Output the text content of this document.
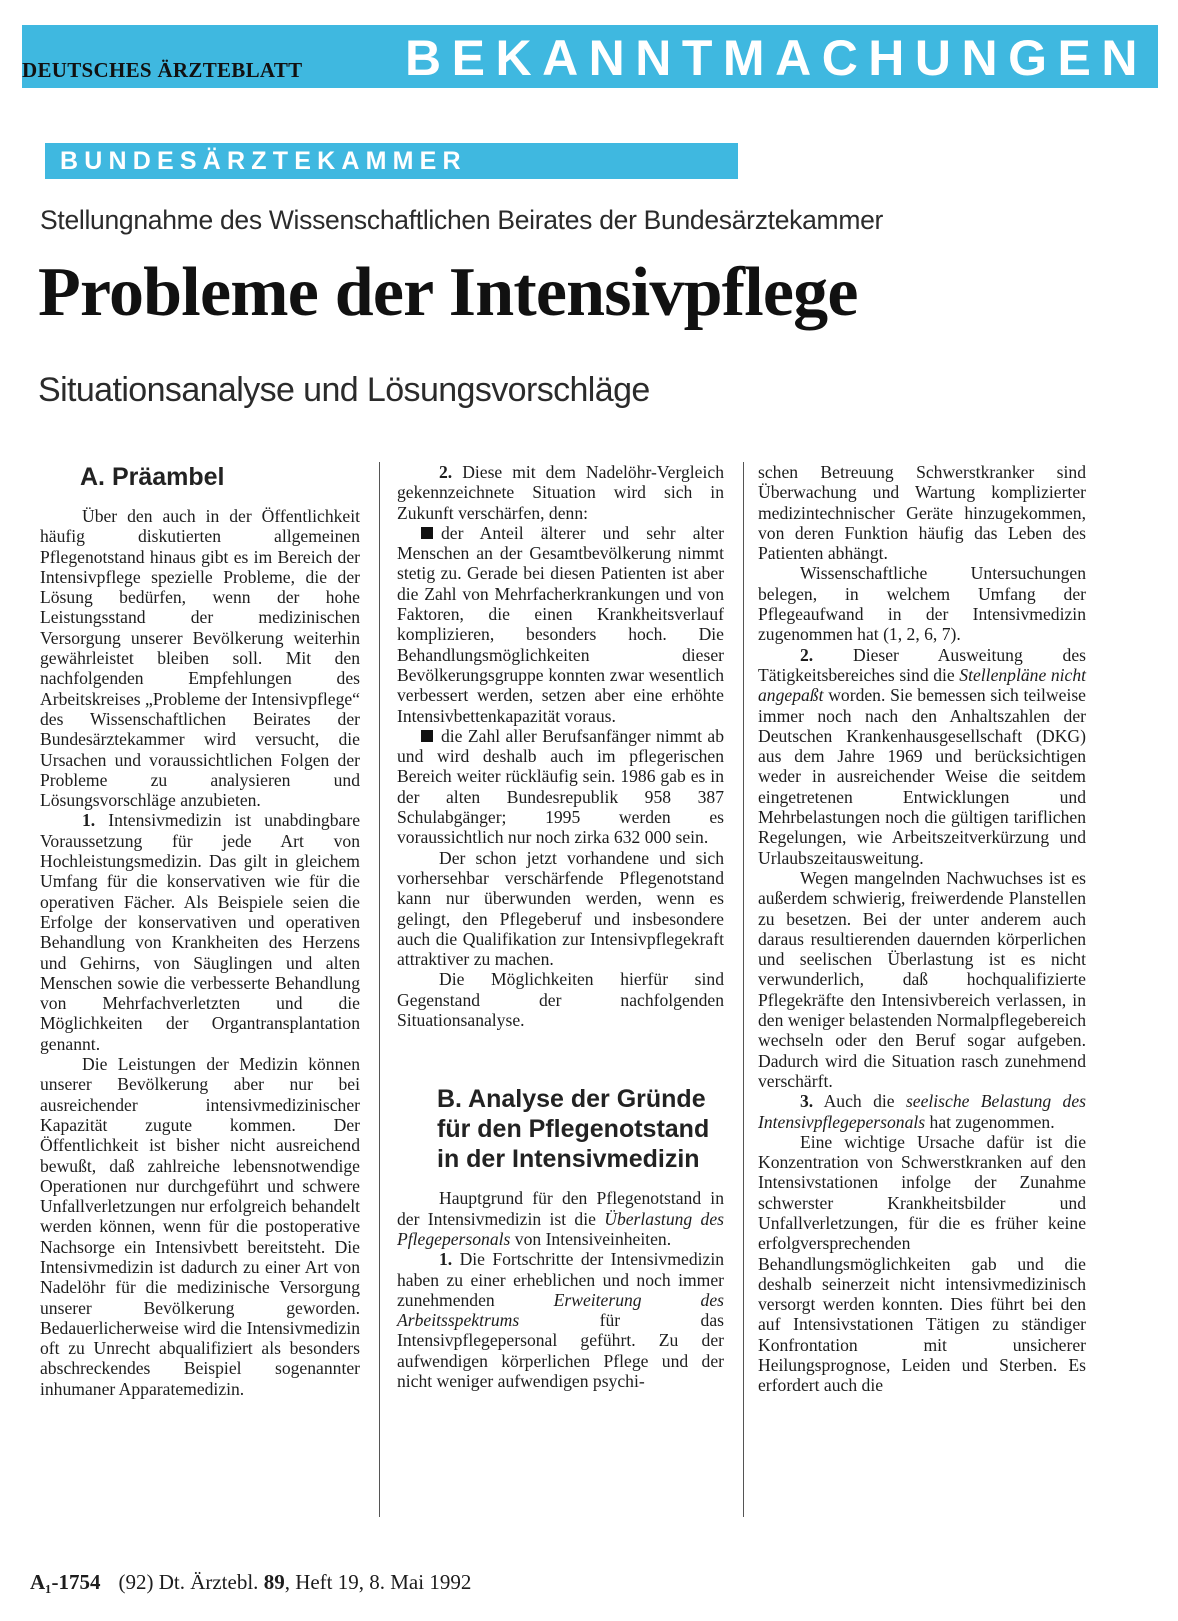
DEUTSCHES ÄRZTEBLATT BEKANNTMACHUNGEN
BUNDESÄRZTEKAMMER
Stellungnahme des Wissenschaftlichen Beirates der Bundesärztekammer
Probleme der Intensivpflege
Situationsanalyse und Lösungsvorschläge
A. Präambel

Über den auch in der Öffentlichkeit häufig diskutierten allgemeinen Pflegenotstand hinaus gibt es im Bereich der Intensivpflege spezielle Probleme, die der Lösung bedürfen, wenn der hohe Leistungsstand der medizinischen Versorgung unserer Bevölkerung weiterhin gewährleistet bleiben soll. Mit den nachfolgenden Empfehlungen des Arbeitskreises „Probleme der Intensivpflege“ des Wissenschaftlichen Beirates der Bundesärztekammer wird versucht, die Ursachen und voraussichtlichen Folgen der Probleme zu analysieren und Lösungsvorschläge anzubieten.

1. Intensivmedizin ist unabdingbare Voraussetzung für jede Art von Hochleistungsmedizin. Das gilt in gleichem Umfang für die konservativen wie für die operativen Fächer. Als Beispiele seien die Erfolge der konservativen und operativen Behandlung von Krankheiten des Herzens und Gehirns, von Säuglingen und alten Menschen sowie die verbesserte Behandlung von Mehrfachverletzten und die Möglichkeiten der Organtransplantation genannt.

Die Leistungen der Medizin können unserer Bevölkerung aber nur bei ausreichender intensivmedizinischer Kapazität zugute kommen. Der Öffentlichkeit ist bisher nicht ausreichend bewußt, daß zahlreiche lebensnotwendige Operationen nur durchgeführt und schwere Unfallverletzungen nur erfolgreich behandelt werden können, wenn für die postoperative Nachsorge ein Intensivbett bereitsteht. Die Intensivmedizin ist dadurch zu einer Art von Nadelöhr für die medizinische Versorgung unserer Bevölkerung geworden. Bedauerlicherweise wird die Intensivmedizin oft zu Unrecht abqualifiziert als besonders abschreckendes Beispiel sogenannter inhumaner Apparatemedizin.

2. Diese mit dem Nadelöhr-Vergleich gekennzeichnete Situation wird sich in Zukunft verschärfen, denn:

der Anteil älterer und sehr alter Menschen an der Gesamtbevölkerung nimmt stetig zu. Gerade bei diesen Patienten ist aber die Zahl von Mehrfacherkrankungen und von Faktoren, die einen Krankheitsverlauf komplizieren, besonders hoch. Die Behandlungsmöglichkeiten dieser Bevölkerungsgruppe konnten zwar wesentlich verbessert werden, setzen aber eine erhöhte Intensivbettenkapazität voraus.

die Zahl aller Berufsanfänger nimmt ab und wird deshalb auch im pflegerischen Bereich weiter rückläufig sein. 1986 gab es in der alten Bundesrepublik 958 387 Schulabgänger; 1995 werden es voraussichtlich nur noch zirka 632 000 sein.

Der schon jetzt vorhandene und sich vorhersehbar verschärfende Pflegenotstand kann nur überwunden werden, wenn es gelingt, den Pflegeberuf und insbesondere auch die Qualifikation zur Intensivpflegekraft attraktiver zu machen.

Die Möglichkeiten hierfür sind Gegenstand der nachfolgenden Situationsanalyse.

B. Analyse der Gründe für den Pflegenotstand in der Intensivmedizin

Hauptgrund für den Pflegenotstand in der Intensivmedizin ist die Überlastung des Pflegepersonals von Intensiveinheiten.

1. Die Fortschritte der Intensivmedizin haben zu einer erheblichen und noch immer zunehmenden	Erweiterung des Arbeitsspektrums	für das Intensivpflegepersonal geführt. Zu der aufwendigen körperlichen Pflege und der nicht weniger aufwendigen psychi-

schen Betreuung Schwerstkranker sind Überwachung und Wartung komplizierter medizintechnischer Geräte hinzugekommen, von deren Funktion häufig das Leben des Patienten abhängt.

Wissenschaftliche Untersuchungen belegen, in welchem Umfang der Pflegeaufwand in der Intensivmedizin zugenommen hat (1, 2, 6, 7).

2. Dieser Ausweitung des Tätigkeitsbereiches sind die Stellenpläne nicht angepaßt worden. Sie bemessen sich teilweise immer noch nach den Anhaltszahlen der Deutschen Krankenhausgesellschaft (DKG) aus dem Jahre 1969 und berücksichtigen weder in ausreichender Weise die seitdem eingetretenen Entwicklungen und Mehrbelastungen noch die gültigen tariflichen Regelungen, wie Arbeitszeitverkürzung und Urlaubszeitausweitung.

Wegen mangelnden Nachwuchses ist es außerdem schwierig, freiwerdende Planstellen zu besetzen. Bei der unter anderem auch daraus resultierenden dauernden körperlichen und seelischen Überlastung ist es nicht verwunderlich, daß hochqualifizierte Pflegekräfte den Intensivbereich verlassen, in den weniger belastenden Normalpflegebereich wechseln oder den Beruf sogar aufgeben. Dadurch wird die Situation rasch zunehmend verschärft.

3. Auch die seelische Belastung des Intensivpflegepersonals hat zugenommen.

Eine wichtige Ursache dafür ist die Konzentration von Schwerstkranken auf den Intensivstationen infolge der Zunahme schwerster Krankheitsbilder und Unfallverletzungen, für die es früher keine erfolgversprechenden Behandlungsmöglichkeiten gab und die deshalb seinerzeit nicht intensivmedizinisch versorgt werden konnten. Dies führt bei den auf Intensivstationen Tätigen zu ständiger Konfrontation mit unsicherer Heilungsprognose, Leiden und Sterben. Es erfordert auch die

A₁-1754 (92) Dt. Ärztebl. 89, Heft 19, 8. Mai 1992
